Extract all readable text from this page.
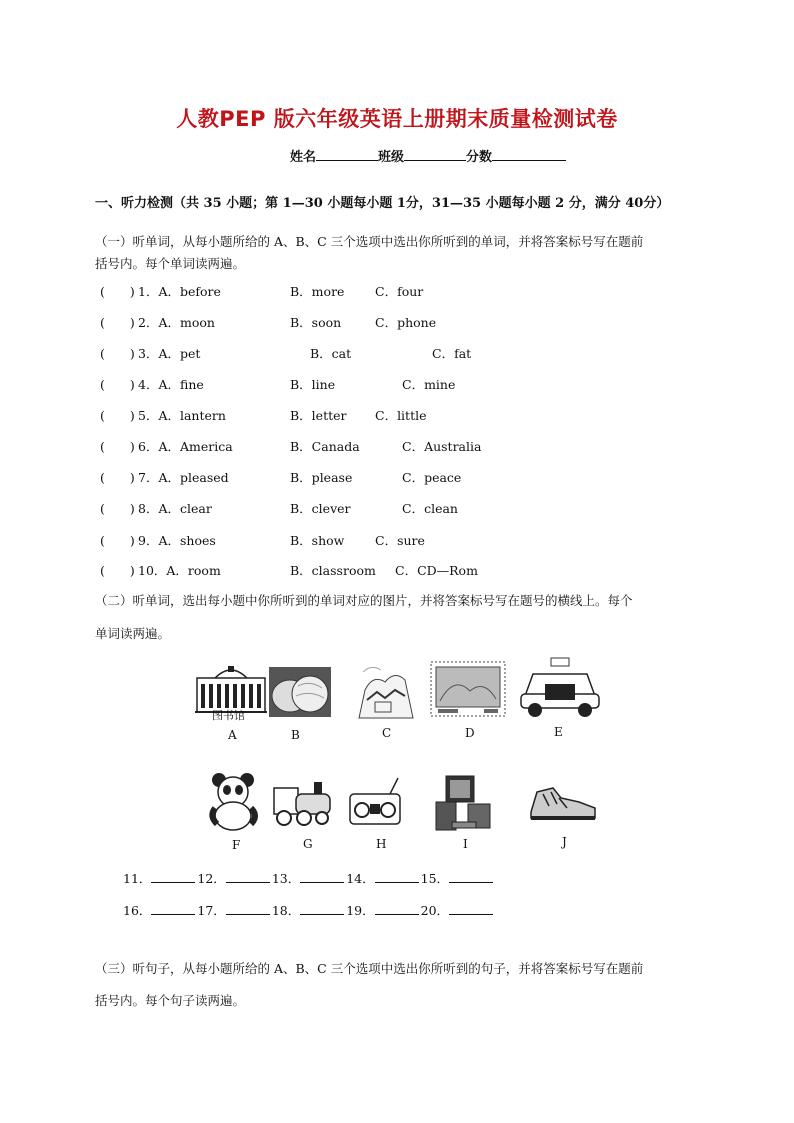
人教PEP 版六年级英语上册期末质量检测试卷
姓名	班级	分数
一、听力检测（共 35 小题；第 1—30 小题每小题 1分，31—35 小题每小题 2 分，满分 40分）
（一）听单词，从每小题所给的 A、B、C 三个选项中选出你所听到的单词，并将答案标号写在题前
括号内。每个单词读两遍。
(　　) 1．A．before	B．more C．four
(　　) 2．A．moon	B．soon	C．phone
(　　) 3．A．pet	B．cat	C．fat
(　　) 4．A．fine	B．line	C．mine
(　　) 5．A．lantern	B．letter C．little
(　　) 6．A．America	B．Canada	C．Australia
(　　) 7．A．pleased	B．please	C．peace
(　　) 8．A．clear	B．clever	C．clean
(　　) 9．A．shoes	B．show C．sure
(　　) 10．A．room	B．classroom C．CD—Rom
（二）听单词，选出每小题中你所听到的单词对应的图片，并将答案标号写在题号的横线上。每个
单词读两遍。
图书馆
A	B	C	D	E
F	G	H	I	J
11．	12．	13．	14．	15．
16．	17．	18．	19．	20．
（三）听句子，从每小题所给的 A、B、C 三个选项中选出你所听到的句子，并将答案标号写在题前
括号内。每个句子读两遍。
